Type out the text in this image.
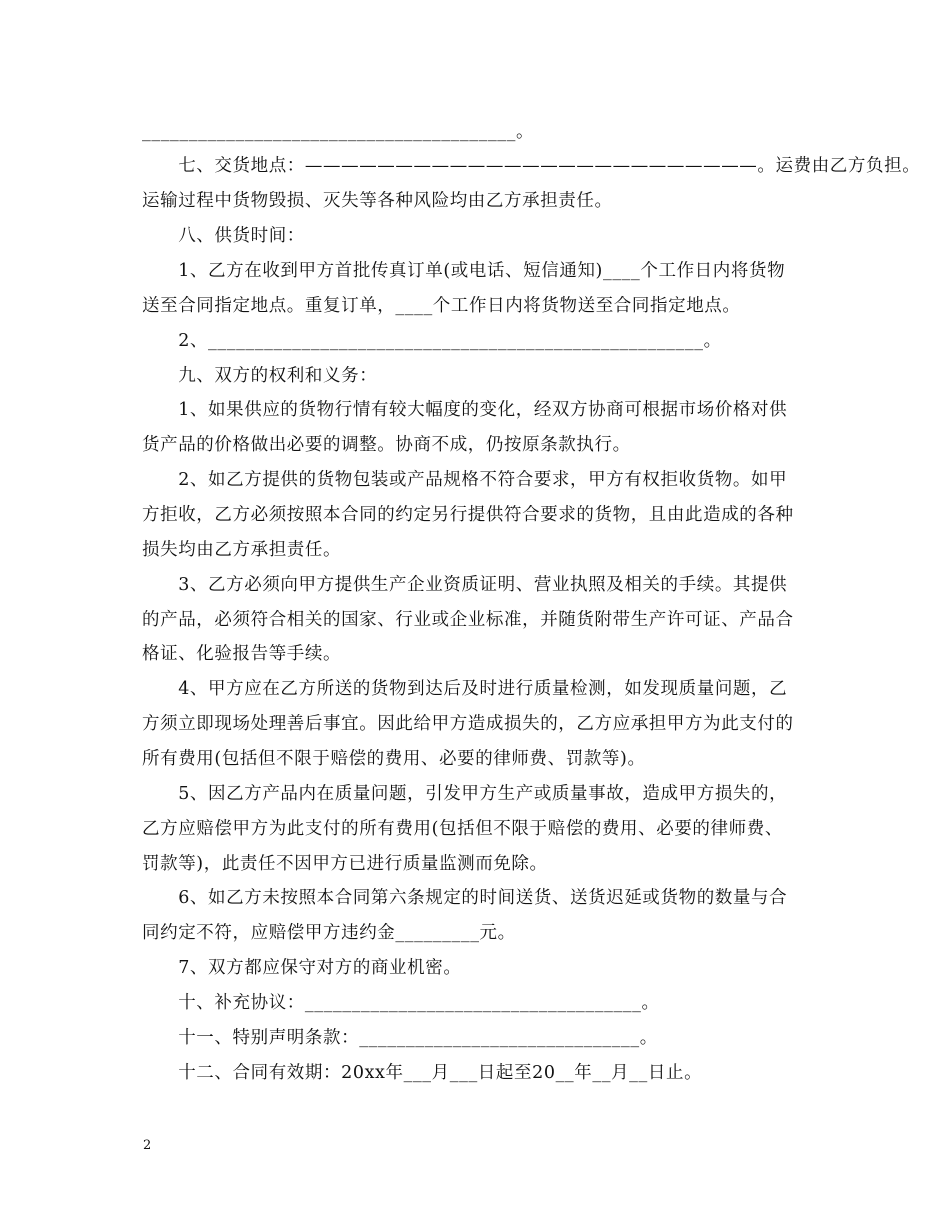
________________________________________。
　　七、交货地点：—————————————————————————。运费由乙方负担。
运输过程中货物毁损、灭失等各种风险均由乙方承担责任。
　　八、供货时间：
　　1、乙方在收到甲方首批传真订单(或电话、短信通知)____个工作日内将货物
送至合同指定地点。重复订单，____个工作日内将货物送至合同指定地点。
　　2、_____________________________________________________。
　　九、双方的权利和义务：
　　1、如果供应的货物行情有较大幅度的变化，经双方协商可根据市场价格对供
货产品的价格做出必要的调整。协商不成，仍按原条款执行。
　　2、如乙方提供的货物包装或产品规格不符合要求，甲方有权拒收货物。如甲
方拒收，乙方必须按照本合同的约定另行提供符合要求的货物，且由此造成的各种
损失均由乙方承担责任。
　　3、乙方必须向甲方提供生产企业资质证明、营业执照及相关的手续。其提供
的产品，必须符合相关的国家、行业或企业标准，并随货附带生产许可证、产品合
格证、化验报告等手续。
　　4、甲方应在乙方所送的货物到达后及时进行质量检测，如发现质量问题，乙
方须立即现场处理善后事宜。因此给甲方造成损失的，乙方应承担甲方为此支付的
所有费用(包括但不限于赔偿的费用、必要的律师费、罚款等)。
　　5、因乙方产品内在质量问题，引发甲方生产或质量事故，造成甲方损失的，
乙方应赔偿甲方为此支付的所有费用(包括但不限于赔偿的费用、必要的律师费、
罚款等)，此责任不因甲方已进行质量监测而免除。
　　6、如乙方未按照本合同第六条规定的时间送货、送货迟延或货物的数量与合
同约定不符，应赔偿甲方违约金_________元。
　　7、双方都应保守对方的商业机密。
　　十、补充协议：____________________________________。
　　十一、特别声明条款：______________________________。
　　十二、合同有效期：20xx年___月___日起至20__年__月__日止。
2
